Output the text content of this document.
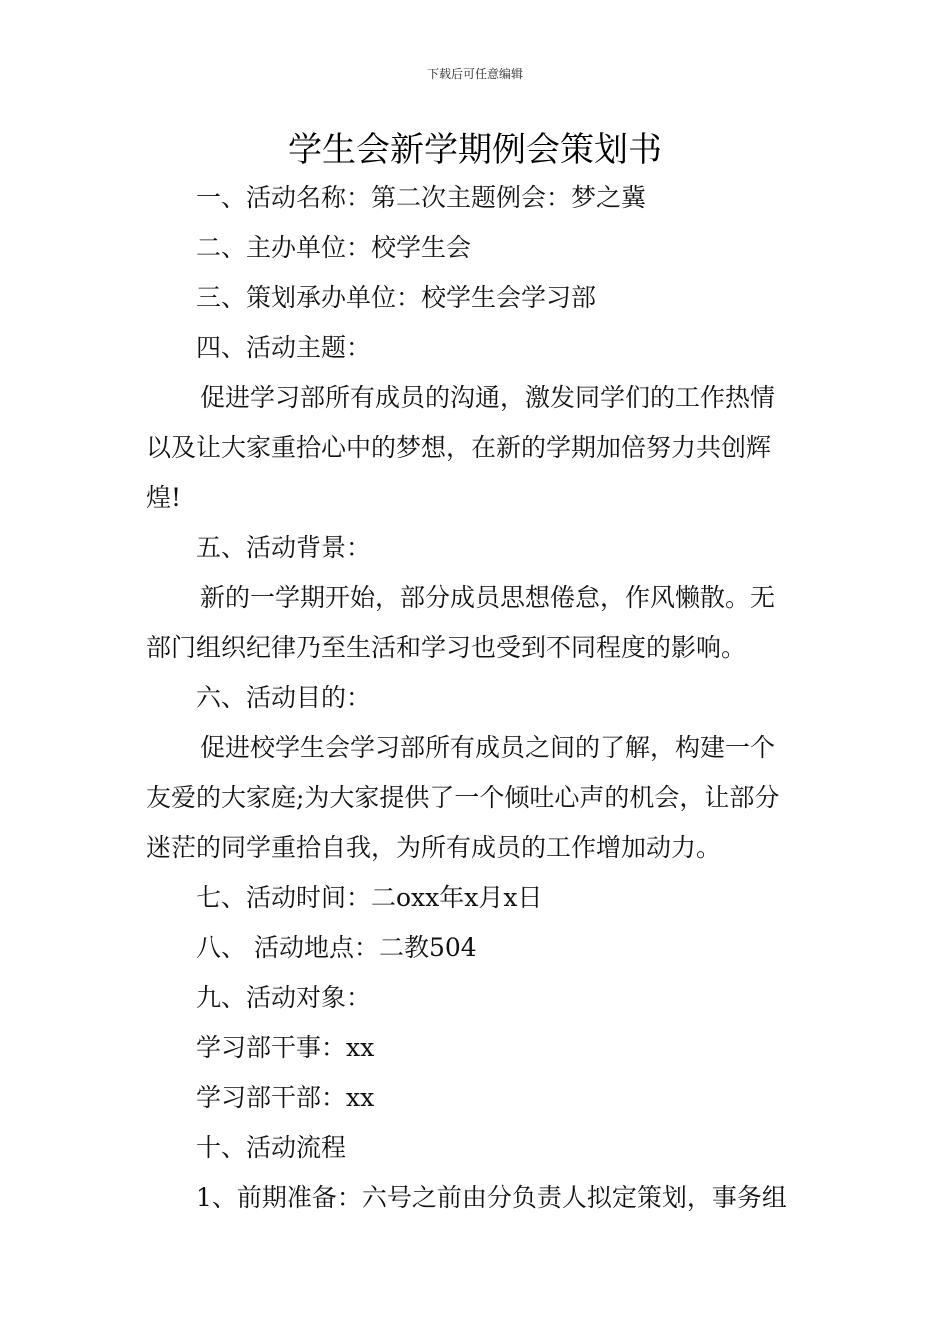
下载后可任意编辑
学生会新学期例会策划书
一、活动名称：第二次主题例会：梦之冀
二、主办单位：校学生会
三、策划承办单位：校学生会学习部
四、活动主题：
促进学习部所有成员的沟通，激发同学们的工作热情
以及让大家重拾心中的梦想，在新的学期加倍努力共创辉
煌!
五、活动背景：
新的一学期开始，部分成员思想倦怠，作风懒散。无
部门组织纪律乃至生活和学习也受到不同程度的影响。
六、活动目的：
促进校学生会学习部所有成员之间的了解，构建一个
友爱的大家庭;为大家提供了一个倾吐心声的机会，让部分
迷茫的同学重拾自我，为所有成员的工作增加动力。
七、活动时间：二oxx年x月x日
八、 活动地点：二教504
九、活动对象：
学习部干事：xx
学习部干部：xx
十、活动流程
1、前期准备：六号之前由分负责人拟定策划，事务组
